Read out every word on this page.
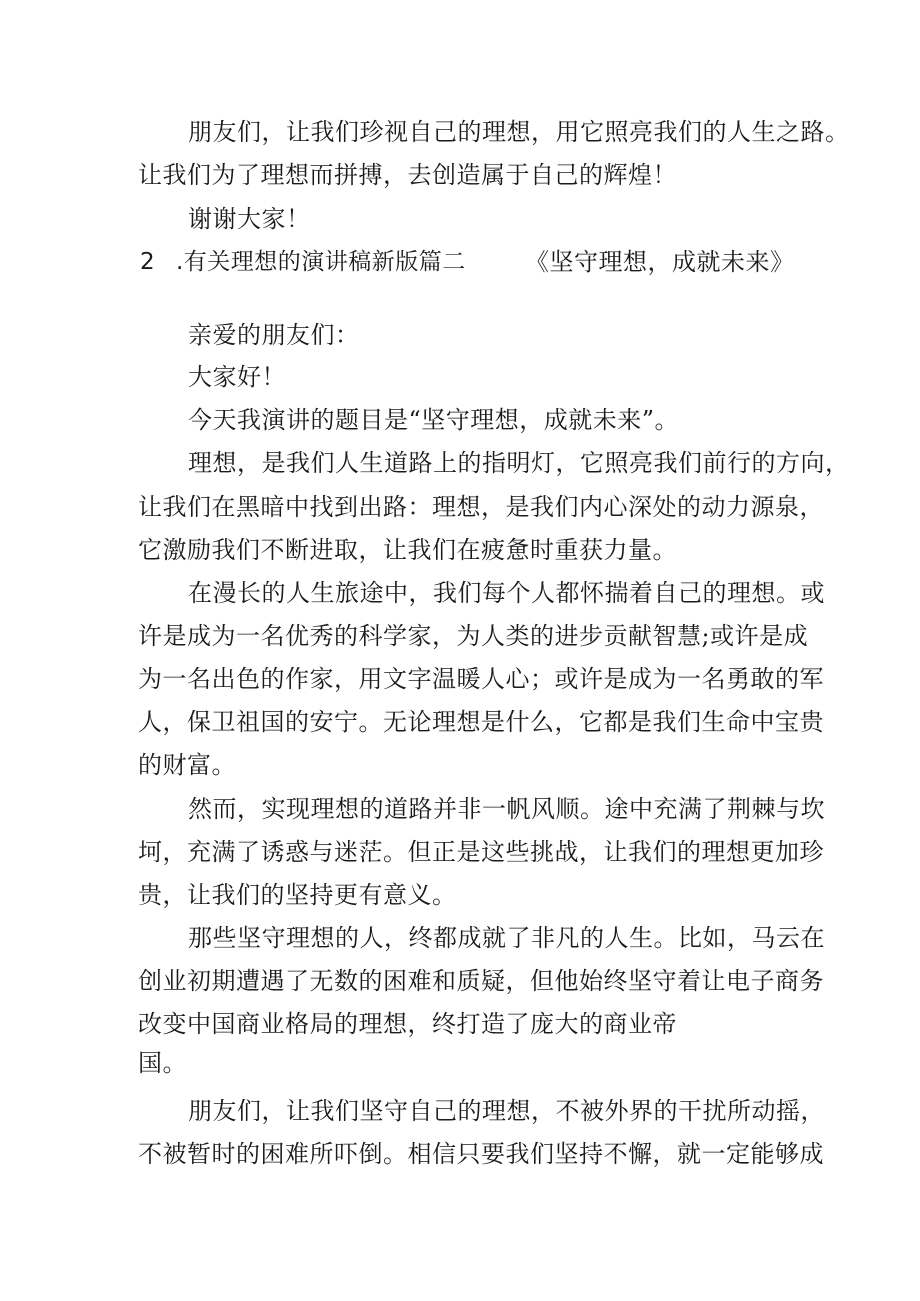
2 .有关理想的演讲稿新版篇二 《坚守理想，成就未来》
朋友们，让我们珍视自己的理想，用它照亮我们的人生之路。
让我们为了理想而拼搏，去创造属于自己的辉煌！
谢谢大家！
亲爱的朋友们：
大家好！
今天我演讲的题目是“坚守理想，成就未来”。
理想，是我们人生道路上的指明灯，它照亮我们前行的方向，
让我们在黑暗中找到出路：理想，是我们内心深处的动力源泉，
它激励我们不断进取，让我们在疲惫时重获力量。
在漫长的人生旅途中，我们每个人都怀揣着自己的理想。或
许是成为一名优秀的科学家，为人类的进步贡献智慧;或许是成
为一名出色的作家，用文字温暖人心；或许是成为一名勇敢的军
人，保卫祖国的安宁。无论理想是什么，它都是我们生命中宝贵
的财富。
然而，实现理想的道路并非一帆风顺。途中充满了荆棘与坎
坷，充满了诱惑与迷茫。但正是这些挑战，让我们的理想更加珍
贵，让我们的坚持更有意义。
那些坚守理想的人，终都成就了非凡的人生。比如，马云在
创业初期遭遇了无数的困难和质疑，但他始终坚守着让电子商务
改变中国商业格局的理想，终打造了庞大的商业帝
国。
朋友们，让我们坚守自己的理想，不被外界的干扰所动摇，
不被暂时的困难所吓倒。相信只要我们坚持不懈，就一定能够成
